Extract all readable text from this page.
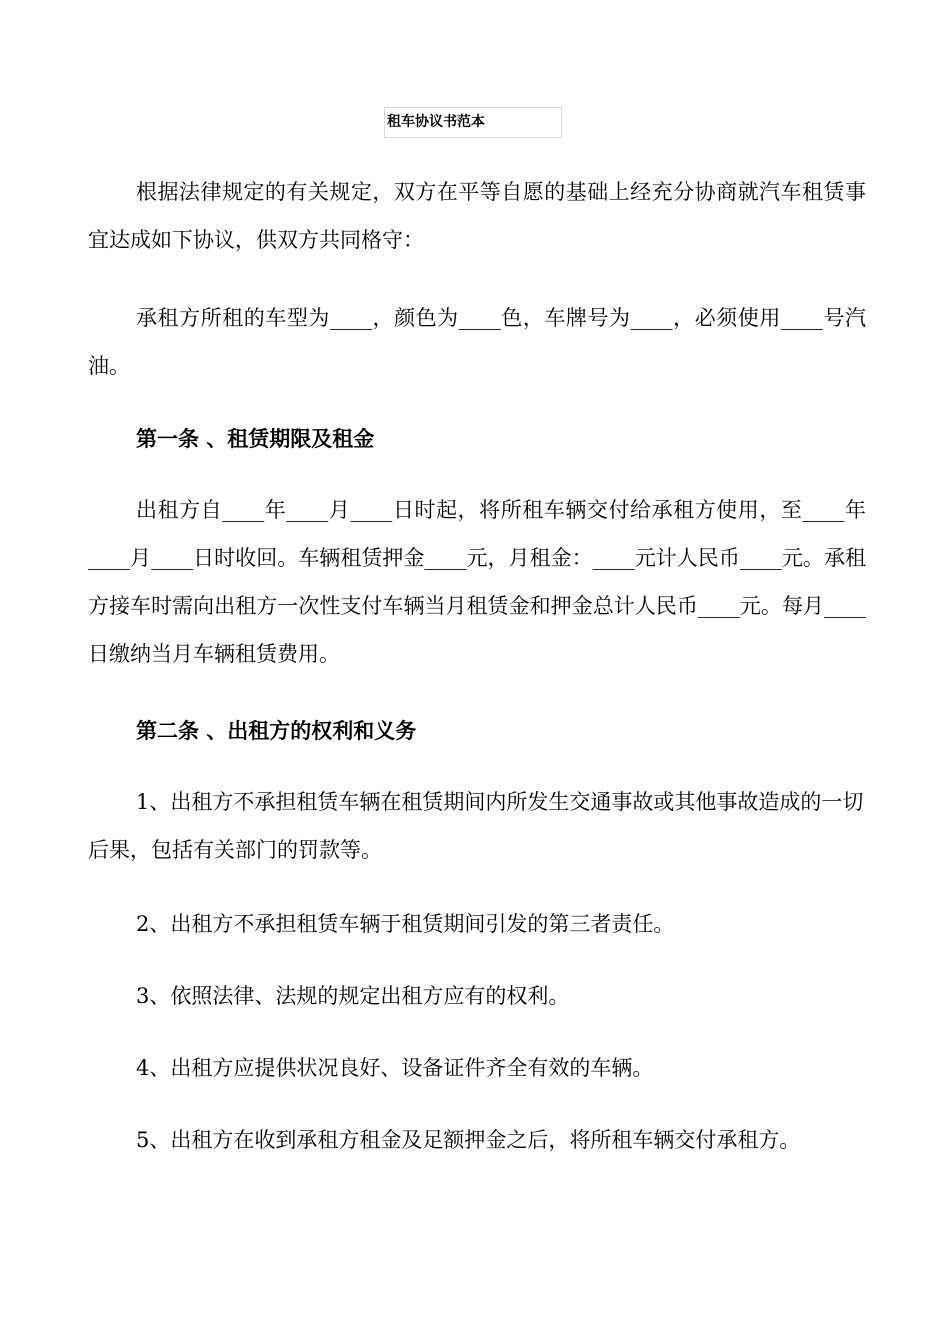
租车协议书范本

根据法律规定的有关规定，双方在平等自愿的基础上经充分协商就汽车租赁事宜达成如下协议，供双方共同格守：

承租方所租的车型为____，颜色为____色，车牌号为____，必须使用____号汽油。

第一条 、租赁期限及租金

出租方自____年____月____日时起，将所租车辆交付给承租方使用，至____年____月____日时收回。车辆租赁押金____元，月租金：____元计人民币____元。承租方接车时需向出租方一次性支付车辆当月租赁金和押金总计人民币____元。每月____日缴纳当月车辆租赁费用。

第二条 、出租方的权利和义务

1、出租方不承担租赁车辆在租赁期间内所发生交通事故或其他事故造成的一切后果，包括有关部门的罚款等。

2、出租方不承担租赁车辆于租赁期间引发的第三者责任。

3、依照法律、法规的规定出租方应有的权利。

4、出租方应提供状况良好、设备证件齐全有效的车辆。

5、出租方在收到承租方租金及足额押金之后，将所租车辆交付承租方。
